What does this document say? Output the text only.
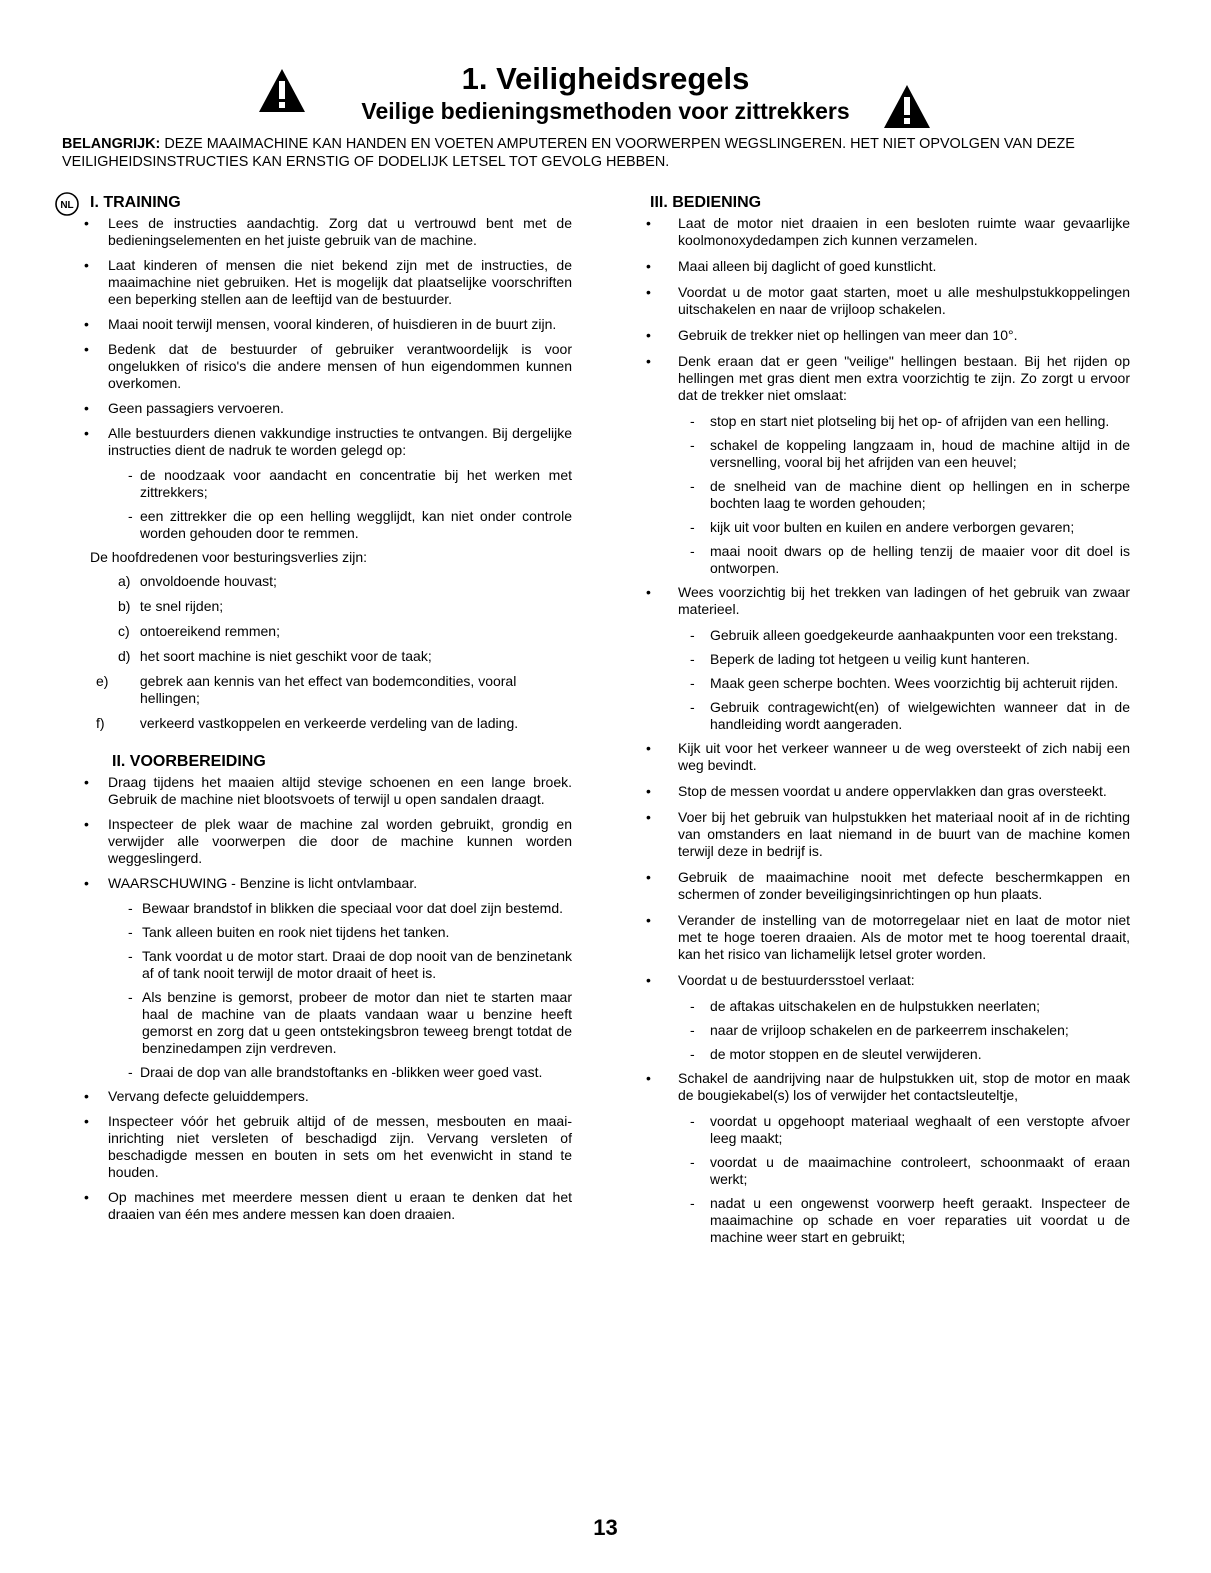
1. Veiligheidsregels
Veilige bedieningsmethoden voor zittrekkers
BELANGRIJK: DEZE MAAIMACHINE KAN HANDEN EN VOETEN AMPUTEREN EN VOORWERPEN WEGSLINGEREN. HET NIET OPVOLGEN VAN DEZE VEILIGHEIDSINSTRUCTIES KAN ERNSTIG OF DODELIJK LETSEL TOT GEVOLG HEBBEN.
NL I. TRAINING
• Lees de instructies aandachtig. Zorg dat u vertrouwd bent met de bedieningselementen en het juiste gebruik van de machine.
• Laat kinderen of mensen die niet bekend zijn met de instructies, de maaimachine niet gebruiken. Het is mogelijk dat plaatselijke voorschriften een beperking stellen aan de leeftijd van de bestuurder.
• Maai nooit terwijl mensen, vooral kinderen, of huisdieren in de buurt zijn.
• Bedenk dat de bestuurder of gebruiker verantwoordelijk is voor ongelukken of risico's die andere mensen of hun eigendommen kunnen overkomen.
• Geen passagiers vervoeren.
• Alle bestuurders dienen vakkundige instructies te ontvangen. Bij dergelijke instructies dient de nadruk te worden gelegd op:
- de noodzaak voor aandacht en concentratie bij het werken met zittrekkers;
- een zittrekker die op een helling wegglijdt, kan niet onder controle worden gehouden door te remmen.
De hoofdredenen voor besturingsverlies zijn:
a) onvoldoende houvast;
b) te snel rijden;
c) ontoereikend remmen;
d) het soort machine is niet geschikt voor de taak;
e) gebrek aan kennis van het effect van bodemcondities, vooral hellingen;
f)	verkeerd vastkoppelen en verkeerde verdeling van de lading.
II. VOORBEREIDING
• Draag tijdens het maaien altijd stevige schoenen en een lange broek. Gebruik de machine niet blootsvoets of terwijl u open sandalen draagt.
• Inspecteer de plek waar de machine zal worden gebruikt, grondig en verwijder alle voorwerpen die door de machine kunnen worden weggeslingerd.
• WAARSCHUWING - Benzine is licht ontvlambaar.
- Bewaar brandstof in blikken die speciaal voor dat doel zijn bestemd.
- Tank alleen buiten en rook niet tijdens het tanken.
- Tank voordat u de motor start. Draai de dop nooit van de benzinetank af of tank nooit terwijl de motor draait of heet is.
- Als benzine is gemorst, probeer de motor dan niet te starten maar haal de machine van de plaats vandaan waar u benzine heeft gemorst en zorg dat u geen ontstekingsbron teweeg brengt totdat de benzinedampen zijn verdreven.
- Draai de dop van alle brandstoftanks en -blikken weer goed vast.
• Vervang defecte geluiddempers.
• Inspecteer vóór het gebruik altijd of de messen, mesbouten en maai-inrichting niet versleten of beschadigd zijn. Vervang versleten of beschadigde messen en bouten in sets om het evenwicht in stand te houden.
• Op machines met meerdere messen dient u eraan te denken dat het draaien van één mes andere messen kan doen draaien.
III. BEDIENING
• Laat de motor niet draaien in een besloten ruimte waar gevaarlijke koolmonoxydedampen zich kunnen verzamelen.
• Maai alleen bij daglicht of goed kunstlicht.
• Voordat u de motor gaat starten, moet u alle meshulpstukkoppelingen uitschakelen en naar de vrijloop schakelen.
• Gebruik de trekker niet op hellingen van meer dan 10°.
• Denk eraan dat er geen "veilige" hellingen bestaan. Bij het rijden op hellingen met gras dient men extra voorzichtig te zijn. Zo zorgt u ervoor dat de trekker niet omslaat:
- stop en start niet plotseling bij het op- of afrijden van een helling.
- schakel de koppeling langzaam in, houd de machine altijd in de versnelling, vooral bij het afrijden van een heuvel;
- de snelheid van de machine dient op hellingen en in scherpe bochten laag te worden gehouden;
- kijk uit voor bulten en kuilen en andere verborgen gevaren;
- maai nooit dwars op de helling tenzij de maaier voor dit doel is ontworpen.
• Wees voorzichtig bij het trekken van ladingen of het gebruik van zwaar materieel.
- Gebruik alleen goedgekeurde aanhaakpunten voor een trekstang.
- Beperk de lading tot hetgeen u veilig kunt hanteren.
- Maak geen scherpe bochten. Wees voorzichtig bij achteruit rijden.
- Gebruik contragewicht(en) of wielgewichten wanneer dat in de handleiding wordt aangeraden.
• Kijk uit voor het verkeer wanneer u de weg oversteekt of zich nabij een weg bevindt.
• Stop de messen voordat u andere oppervlakken dan gras oversteekt.
• Voer bij het gebruik van hulpstukken het materiaal nooit af in de richting van omstanders en laat niemand in de buurt van de machine komen terwijl deze in bedrijf is.
• Gebruik de maaimachine nooit met defecte beschermkappen en schermen of zonder beveiligingsinrichtingen op hun plaats.
• Verander de instelling van de motorregelaar niet en laat de motor niet met te hoge toeren draaien. Als de motor met te hoog toerental draait, kan het risico van lichamelijk letsel groter worden.
• Voordat u de bestuurdersstoel verlaat:
- de aftakas uitschakelen en de hulpstukken neerlaten;
- naar de vrijloop schakelen en de parkeerrem inschakelen;
- de motor stoppen en de sleutel verwijderen.
• Schakel de aandrijving naar de hulpstukken uit, stop de motor en maak de bougiekabel(s) los of verwijder het contactsleuteltje,
- voordat u opgehoopt materiaal weghaalt of een verstopte afvoer leeg maakt;
- voordat u de maaimachine controleert, schoonmaakt of eraan werkt;
- nadat u een ongewenst voorwerp heeft geraakt. Inspecteer de maaimachine op schade en voer reparaties uit voordat u de machine weer start en gebruikt;
13
